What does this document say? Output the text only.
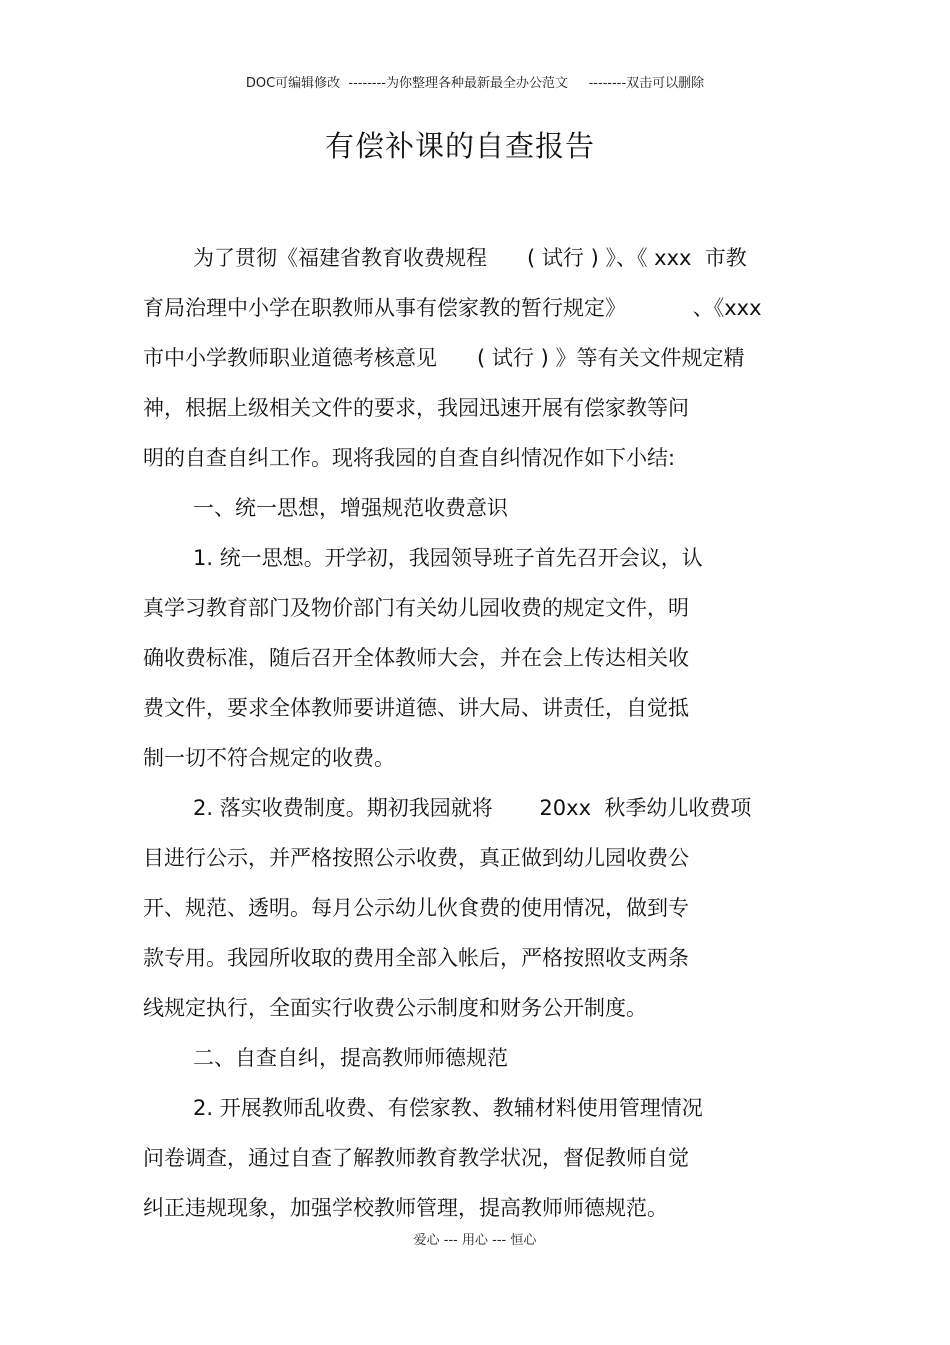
DOC可编辑修改  --------为你整理各种最新最全办公范文     --------双击可以删除
有偿补课的自查报告
为了贯彻《福建省教育收费规程      ( 试行 ) 》、《 xxx  市教
育局治理中小学在职教师从事有偿家教的暂行规定》          、《xxx
市中小学教师职业道德考核意见      ( 试行 ) 》等有关文件规定精
神，根据上级相关文件的要求，我园迅速开展有偿家教等问
明的自查自纠工作。现将我园的自查自纠情况作如下小结:
一、统一思想，增强规范收费意识
1. 统一思想。开学初，我园领导班子首先召开会议，认
真学习教育部门及物价部门有关幼儿园收费的规定文件，明
确收费标准，随后召开全体教师大会，并在会上传达相关收
费文件，要求全体教师要讲道德、讲大局、讲责任，自觉抵
制一切不符合规定的收费。
2. 落实收费制度。期初我园就将       20xx  秋季幼儿收费项
目进行公示，并严格按照公示收费，真正做到幼儿园收费公
开、规范、透明。每月公示幼儿伙食费的使用情况，做到专
款专用。我园所收取的费用全部入帐后，严格按照收支两条
线规定执行，全面实行收费公示制度和财务公开制度。
二、自查自纠，提高教师师德规范
2. 开展教师乱收费、有偿家教、教辅材料使用管理情况
问卷调查，通过自查了解教师教育教学状况，督促教师自觉
纠正违规现象，加强学校教师管理，提高教师师德规范。
爱心 --- 用心 --- 恒心
